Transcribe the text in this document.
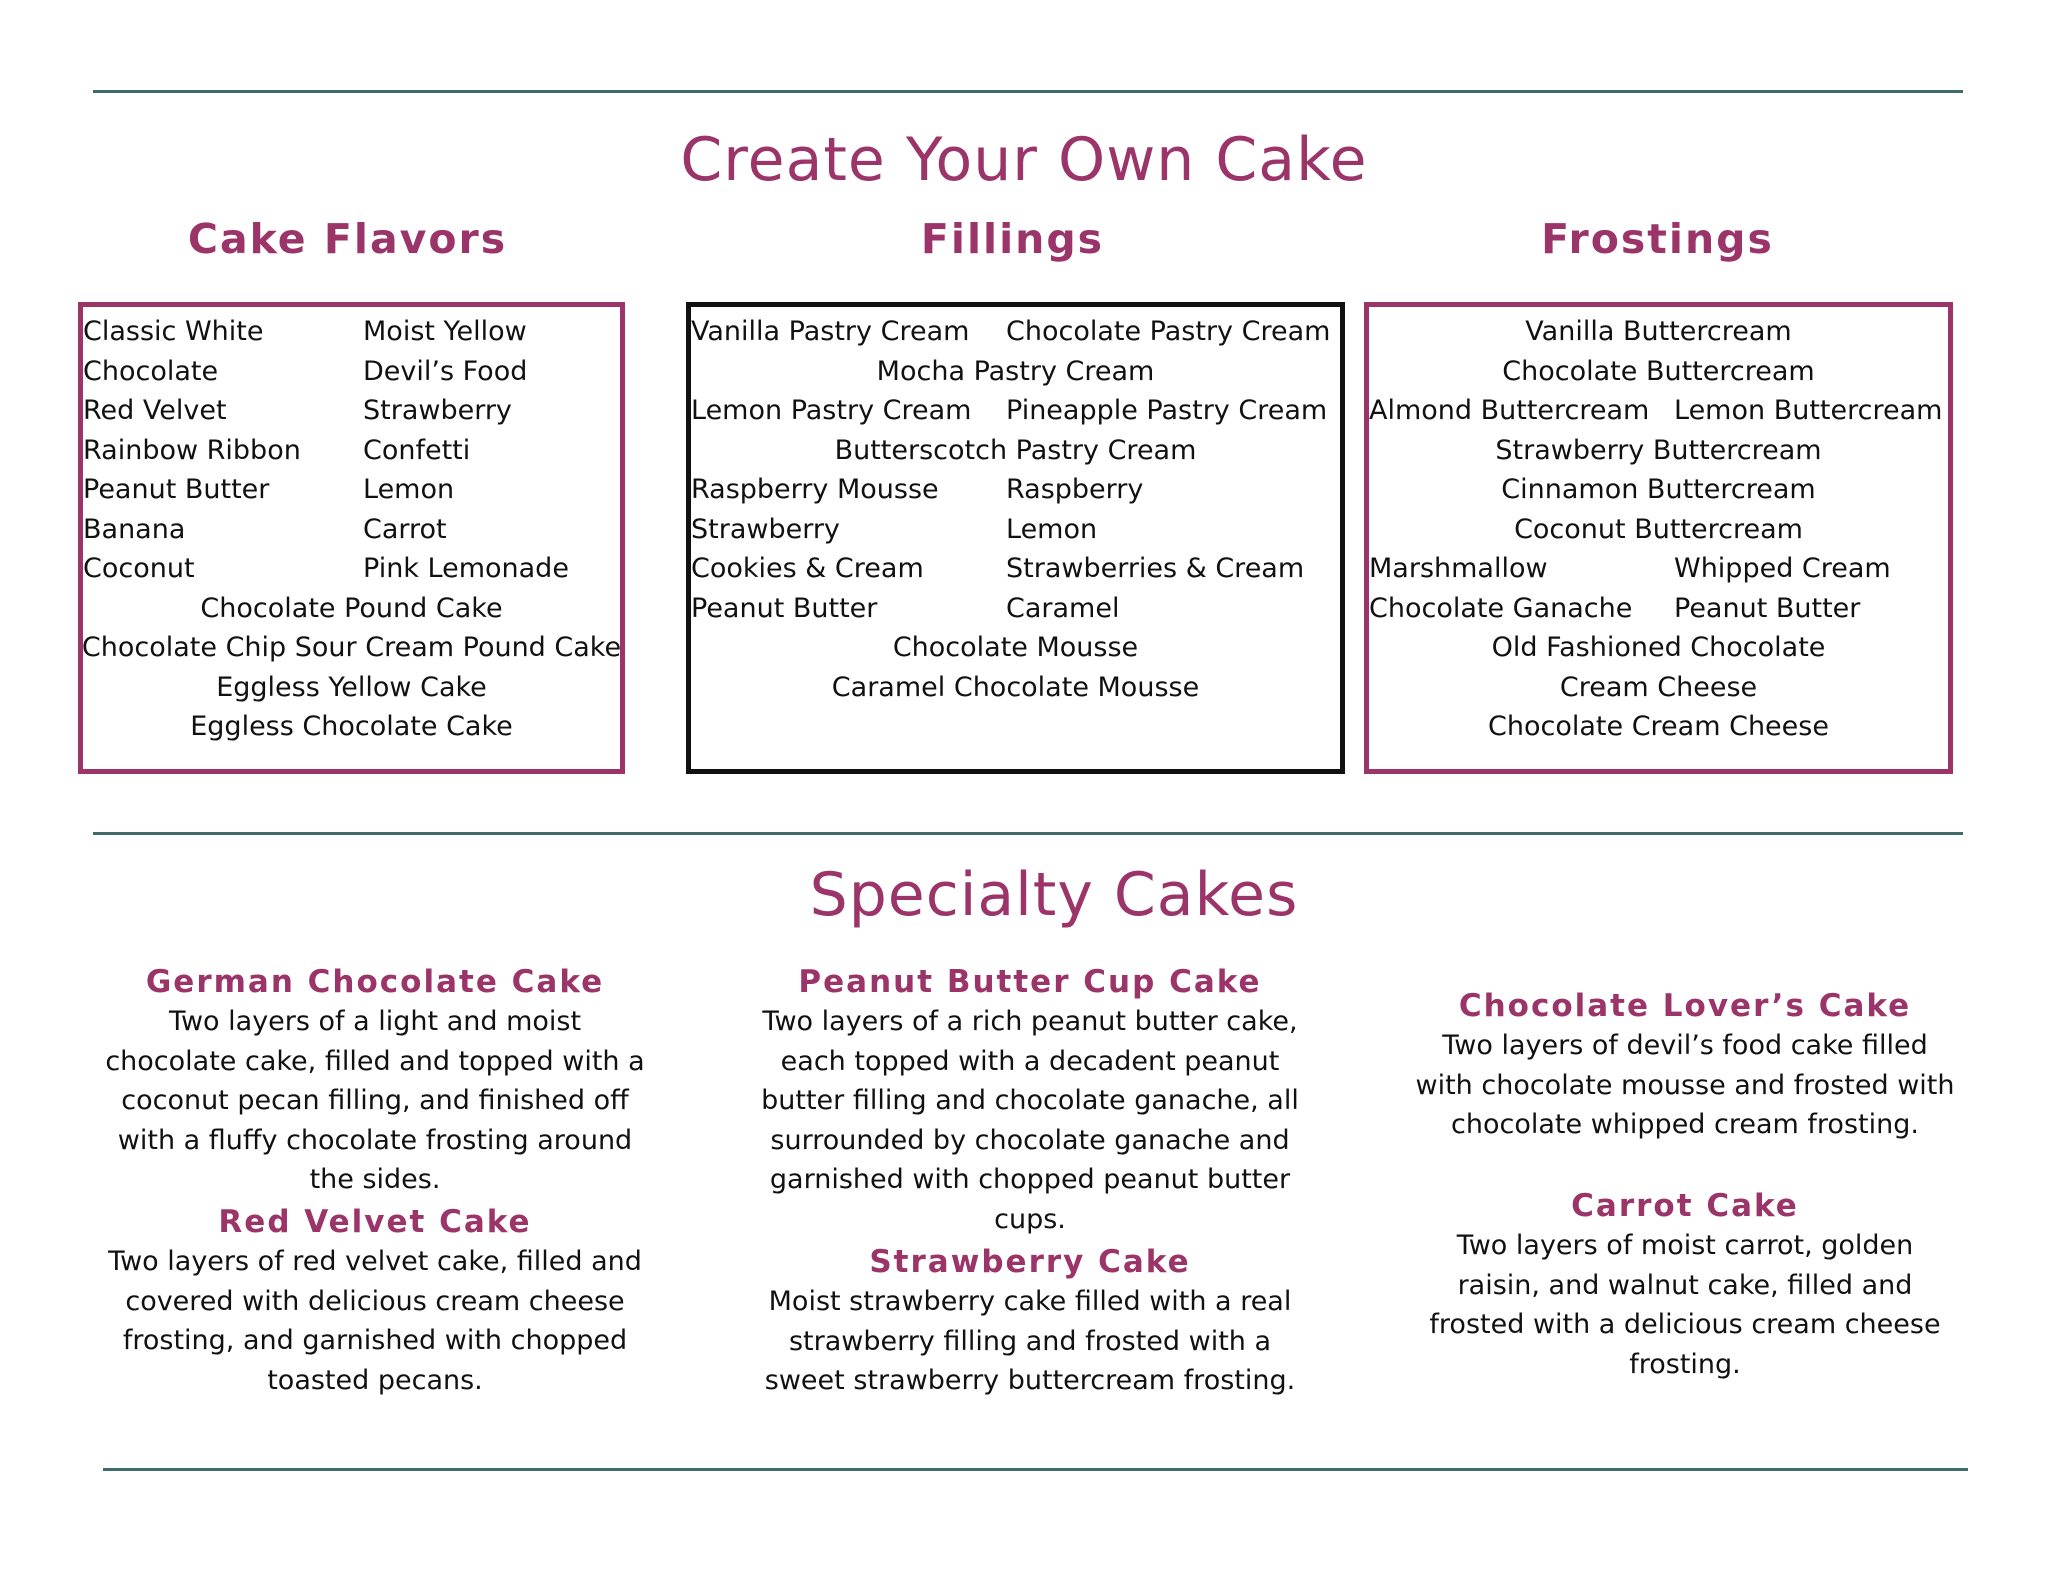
Create Your Own Cake
Cake Flavors	Fillings	Frostings
Classic White	Moist Yellow
Chocolate	Devil’s Food
Red Velvet	Strawberry
Rainbow Ribbon	Confetti
Peanut Butter	Lemon
Banana	Carrot
Coconut	Pink Lemonade
Chocolate Pound Cake
Chocolate Chip Sour Cream Pound Cake
Eggless Yellow Cake
Eggless Chocolate Cake
Vanilla Pastry Cream	Chocolate Pastry Cream
Mocha Pastry Cream
Lemon Pastry Cream	Pineapple Pastry Cream
Butterscotch Pastry Cream
Raspberry Mousse	Raspberry
Strawberry	Lemon
Cookies & Cream	Strawberries & Cream
Peanut Butter	Caramel
Chocolate Mousse
Caramel Chocolate Mousse
Vanilla Buttercream
Chocolate Buttercream
Almond Buttercream Lemon Buttercream
Strawberry Buttercream
Cinnamon Buttercream
Coconut Buttercream
Marshmallow	Whipped Cream
Chocolate Ganache	Peanut Butter
Old Fashioned Chocolate
Cream Cheese
Chocolate Cream Cheese
Specialty Cakes
German Chocolate Cake
Two layers of a light and moist
chocolate cake, filled and topped with a
coconut pecan filling, and finished off
with a fluffy chocolate frosting around
the sides.
Red Velvet Cake
Two layers of red velvet cake, filled and
covered with delicious cream cheese
frosting, and garnished with chopped
toasted pecans.
Peanut Butter Cup Cake
Two layers of a rich peanut butter cake,
each topped with a decadent peanut
butter filling and chocolate ganache, all
surrounded by chocolate ganache and
garnished with chopped peanut butter
cups.
Strawberry Cake
Moist strawberry cake filled with a real
strawberry filling and frosted with a
sweet strawberry buttercream frosting.
Chocolate Lover’s Cake
Two layers of devil’s food cake filled
with chocolate mousse and frosted with
chocolate whipped cream frosting.
Carrot Cake
Two layers of moist carrot, golden
raisin, and walnut cake, filled and
frosted with a delicious cream cheese
frosting.
